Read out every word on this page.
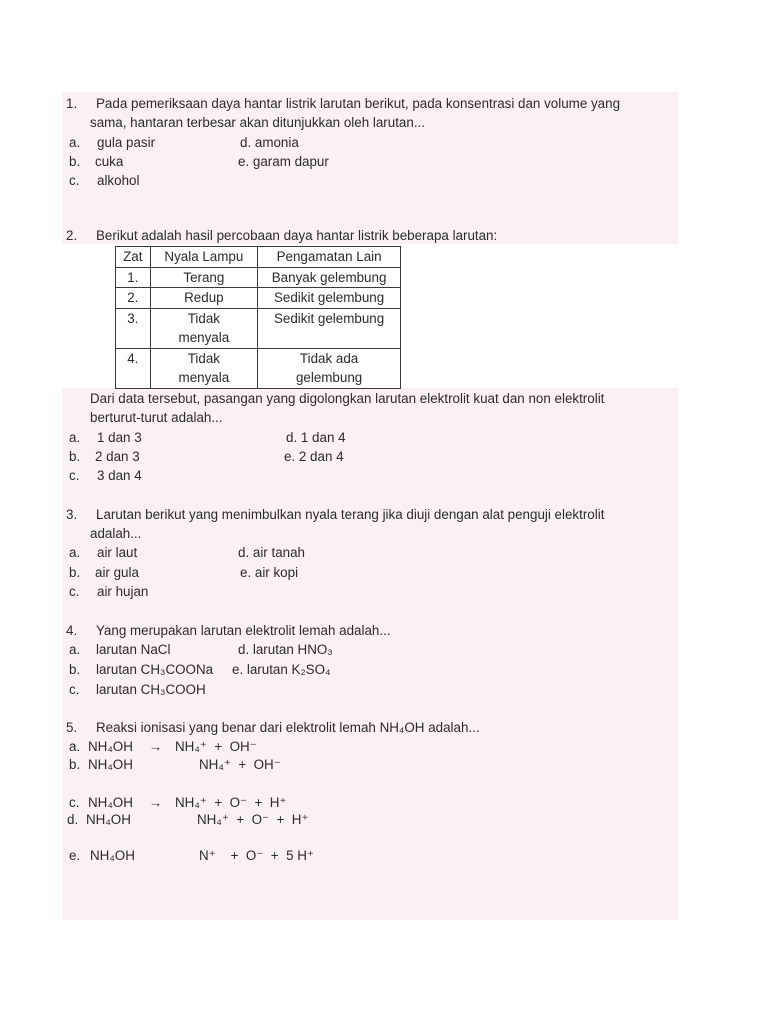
1. Pada pemeriksaan daya hantar listrik larutan berikut, pada konsentrasi dan volume yang
sama, hantaran terbesar akan ditunjukkan oleh larutan...
a. gula pasir	d. amonia
b. cuka	e. garam dapur
c. alkohol
2. Berikut adalah hasil percobaan daya hantar listrik beberapa larutan:
Zat	Nyala Lampu	Pengamatan Lain
1.	Terang	Banyak gelembung
2.	Redup	Sedikit gelembung
3.	Tidak menyala	Sedikit gelembung
4.	Tidak menyala	Tidak ada gelembung
Dari data tersebut, pasangan yang digolongkan larutan elektrolit kuat dan non elektrolit
berturut-turut adalah...
a. 1 dan 3	d. 1 dan 4
b. 2 dan 3	e. 2 dan 4
c. 3 dan 4
3. Larutan berikut yang menimbulkan nyala terang jika diuji dengan alat penguji elektrolit
adalah...
a. air laut	d. air tanah
b. air gula	e. air kopi
c. air hujan
4. Yang merupakan larutan elektrolit lemah adalah...
a. larutan NaCl	d. larutan HNO₃
b. larutan CH₃COONa e. larutan K₂SO₄
c. larutan CH₃COOH
5. Reaksi ionisasi yang benar dari elektrolit lemah NH₄OH adalah...
a. NH₄OH → NH₄⁺  +  OH⁻
b. NH₄OH	NH₄⁺  +  OH⁻
c. NH₄OH → NH₄⁺  +  O⁻  +  H⁺
d. NH₄OH	NH₄⁺  +  O⁻  +  H⁺
e. NH₄OH	N⁺    +  O⁻  +  5 H⁺
